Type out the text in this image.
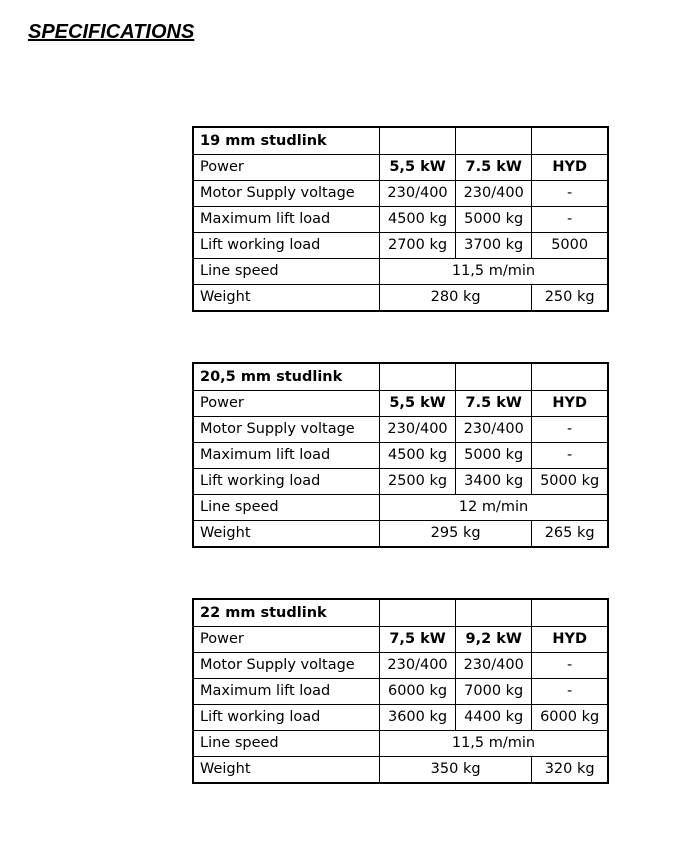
SPECIFICATIONS
19 mm studlink			
Power	5,5 kW	7.5 kW	HYD
Motor Supply voltage	230/400	230/400	-
Maximum lift load	4500 kg	5000 kg	-
Lift working load	2700 kg	3700 kg	5000
Line speed	11,5 m/min		
Weight	280 kg		250 kg
20,5 mm studlink			
Power	5,5 kW	7.5 kW	HYD
Motor Supply voltage	230/400	230/400	-
Maximum lift load	4500 kg	5000 kg	-
Lift working load	2500 kg	3400 kg	5000 kg
Line speed	12 m/min		
Weight	295 kg		265 kg
22 mm studlink			
Power	7,5 kW	9,2 kW	HYD
Motor Supply voltage	230/400	230/400	-
Maximum lift load	6000 kg	7000 kg	-
Lift working load	3600 kg	4400 kg	6000 kg
Line speed	11,5 m/min		
Weight	350 kg		320 kg
